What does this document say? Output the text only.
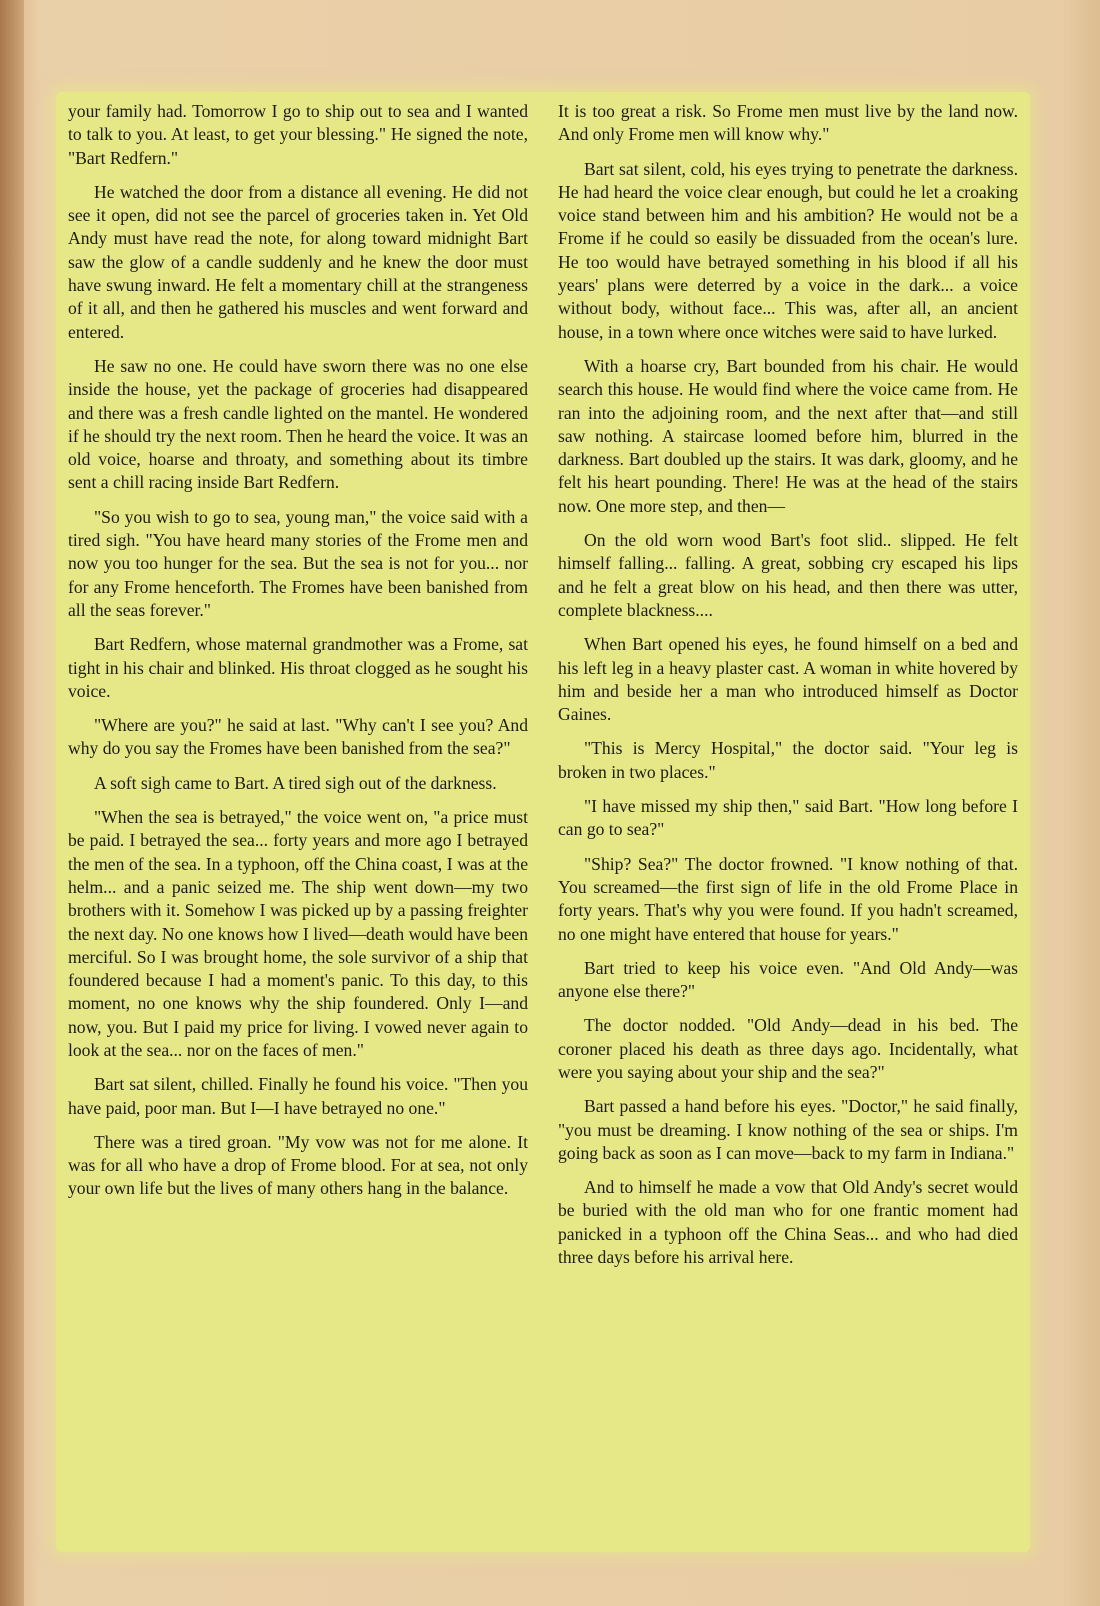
your family had. Tomorrow I go to ship out to sea and I wanted to talk to you. At least, to get your blessing." He signed the note, "Bart Redfern."

He watched the door from a distance all evening. He did not see it open, did not see the parcel of groceries taken in. Yet Old Andy must have read the note, for along toward midnight Bart saw the glow of a candle suddenly and he knew the door must have swung inward. He felt a momentary chill at the strangeness of it all, and then he gathered his muscles and went forward and entered.

He saw no one. He could have sworn there was no one else inside the house, yet the package of groceries had disappeared and there was a fresh candle lighted on the mantel. He wondered if he should try the next room. Then he heard the voice. It was an old voice, hoarse and throaty, and something about its timbre sent a chill racing inside Bart Redfern.

"So you wish to go to sea, young man," the voice said with a tired sigh. "You have heard many stories of the Frome men and now you too hunger for the sea. But the sea is not for you... nor for any Frome henceforth. The Fromes have been banished from all the seas forever."

Bart Redfern, whose maternal grandmother was a Frome, sat tight in his chair and blinked. His throat clogged as he sought his voice.

"Where are you?" he said at last. "Why can't I see you? And why do you say the Fromes have been banished from the sea?"

A soft sigh came to Bart. A tired sigh out of the darkness.

"When the sea is betrayed," the voice went on, "a price must be paid. I betrayed the sea... forty years and more ago I betrayed the men of the sea. In a typhoon, off the China coast, I was at the helm... and a panic seized me. The ship went down—my two brothers with it. Somehow I was picked up by a passing freighter the next day. No one knows how I lived—death would have been merciful. So I was brought home, the sole survivor of a ship that foundered because I had a moment's panic. To this day, to this moment, no one knows why the ship foundered. Only I—and now, you. But I paid my price for living. I vowed never again to look at the sea... nor on the faces of men."

Bart sat silent, chilled. Finally he found his voice. "Then you have paid, poor man. But I—I have betrayed no one."

There was a tired groan. "My vow was not for me alone. It was for all who have a drop of Frome blood. For at sea, not only your own life but the lives of many others hang in the balance.

It is too great a risk. So Frome men must live by the land now. And only Frome men will know why."

Bart sat silent, cold, his eyes trying to penetrate the darkness. He had heard the voice clear enough, but could he let a croaking voice stand between him and his ambition? He would not be a Frome if he could so easily be dissuaded from the ocean's lure. He too would have betrayed something in his blood if all his years' plans were deterred by a voice in the dark... a voice without body, without face... This was, after all, an ancient house, in a town where once witches were said to have lurked.

With a hoarse cry, Bart bounded from his chair. He would search this house. He would find where the voice came from. He ran into the adjoining room, and the next after that—and still saw nothing. A staircase loomed before him, blurred in the darkness. Bart doubled up the stairs. It was dark, gloomy, and he felt his heart pounding. There! He was at the head of the stairs now. One more step, and then—

On the old worn wood Bart's foot slid.. slipped. He felt himself falling... falling. A great, sobbing cry escaped his lips and he felt a great blow on his head, and then there was utter, complete blackness....

When Bart opened his eyes, he found himself on a bed and his left leg in a heavy plaster cast. A woman in white hovered by him and beside her a man who introduced himself as Doctor Gaines.

"This is Mercy Hospital," the doctor said. "Your leg is broken in two places."

"I have missed my ship then," said Bart. "How long before I can go to sea?"

"Ship? Sea?" The doctor frowned. "I know nothing of that. You screamed—the first sign of life in the old Frome Place in forty years. That's why you were found. If you hadn't screamed, no one might have entered that house for years."

Bart tried to keep his voice even. "And Old Andy—was anyone else there?"

The doctor nodded. "Old Andy—dead in his bed. The coroner placed his death as three days ago. Incidentally, what were you saying about your ship and the sea?"

Bart passed a hand before his eyes. "Doctor," he said finally, "you must be dreaming. I know nothing of the sea or ships. I'm going back as soon as I can move—back to my farm in Indiana."

And to himself he made a vow that Old Andy's secret would be buried with the old man who for one frantic moment had panicked in a typhoon off the China Seas... and who had died three days before his arrival here.
